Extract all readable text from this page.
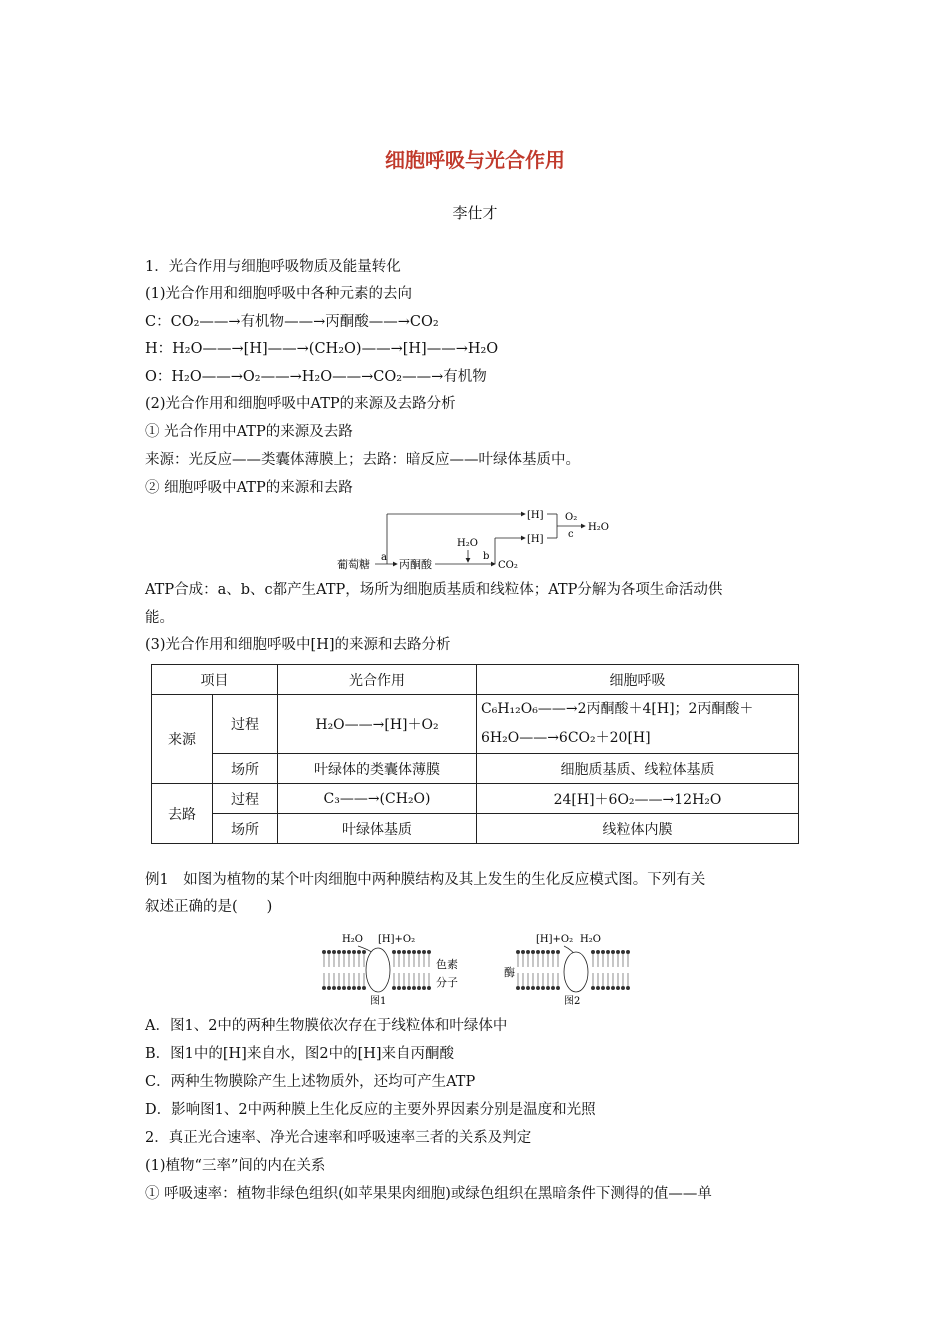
细胞呼吸与光合作用
李仕才
1．光合作用与细胞呼吸物质及能量转化
(1)光合作用和细胞呼吸中各种元素的去向
C：CO₂——→有机物——→丙酮酸——→CO₂
H：H₂O——→[H]——→(CH₂O)——→[H]——→H₂O
O：H₂O——→O₂——→H₂O——→CO₂——→有机物
(2)光合作用和细胞呼吸中ATP的来源及去路分析
① 光合作用中ATP的来源及去路
来源：光反应——类囊体薄膜上；去路：暗反应——叶绿体基质中。
② 细胞呼吸中ATP的来源和去路
葡萄糖
a
丙酮酸
[H]
CO₂
H₂O
b
[H]
O₂
c
H₂O
ATP合成：a、b、c都产生ATP，场所为细胞质基质和线粒体；ATP分解为各项生命活动供
能。
(3)光合作用和细胞呼吸中[H]的来源和去路分析
项目		光合作用	细胞呼吸
来源	过程	H₂O——→[H]＋O₂	C₆H₁₂O₆——→2丙酮酸＋4[H]；2丙酮酸＋
6H₂O——→6CO₂＋20[H]

	场所	叶绿体的类囊体薄膜	细胞质基质、线粒体基质
去路	过程	C₃——→(CH₂O)	24[H]＋6O₂——→12H₂O
	场所	叶绿体基质	线粒体内膜
例1　如图为植物的某个叶肉细胞中两种膜结构及其上发生的生化反应模式图。下列有关
叙述正确的是(　　)
H₂O [H]+O₂
色素
分子
图1
[H]+O₂ H₂O
酶
图2
A．图1、2中的两种生物膜依次存在于线粒体和叶绿体中
B．图1中的[H]来自水，图2中的[H]来自丙酮酸
C．两种生物膜除产生上述物质外，还均可产生ATP
D．影响图1、2中两种膜上生化反应的主要外界因素分别是温度和光照
2．真正光合速率、净光合速率和呼吸速率三者的关系及判定
(1)植物“三率”间的内在关系
① 呼吸速率：植物非绿色组织(如苹果果肉细胞)或绿色组织在黑暗条件下测得的值——单
